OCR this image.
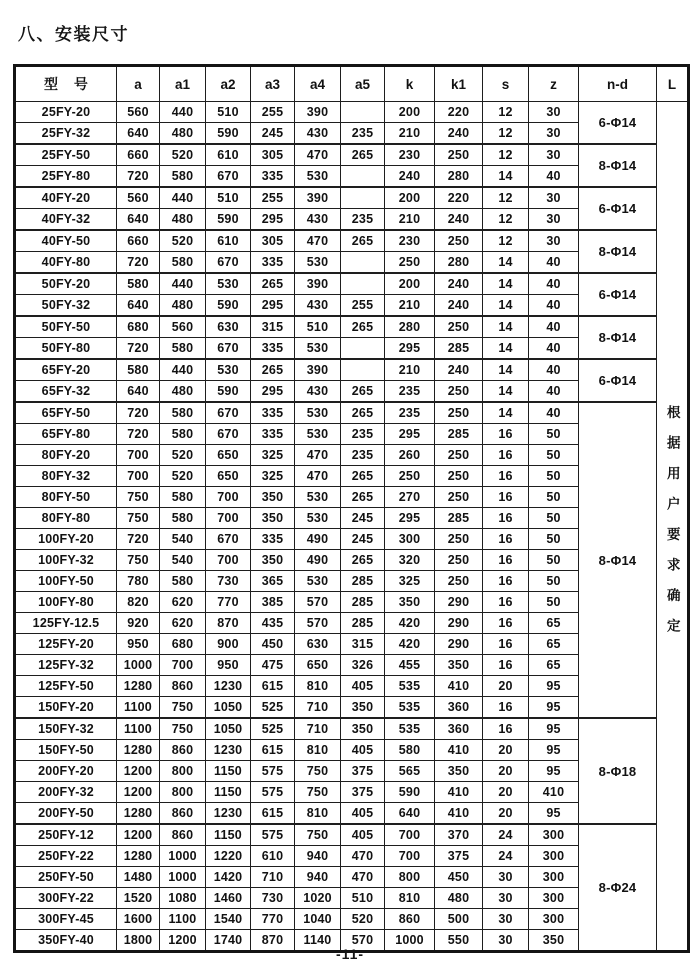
八、安装尺寸
型 号	a	a1	a2	a3	a4	a5	k	k1	s	z	n-d	L
25FY-20	560	440	510	255	390		200	220	12	30	6-Φ14	根据用户要求确定
25FY-32	640	480	590	245	430	235	210	240	12	30		
25FY-50	660	520	610	305	470	265	230	250	12	30	8-Φ14	
25FY-80	720	580	670	335	530		240	280	14	40		
40FY-20	560	440	510	255	390		200	220	12	30	6-Φ14	
40FY-32	640	480	590	295	430	235	210	240	12	30		
40FY-50	660	520	610	305	470	265	230	250	12	30	8-Φ14	
40FY-80	720	580	670	335	530		250	280	14	40		
50FY-20	580	440	530	265	390		200	240	14	40	6-Φ14	
50FY-32	640	480	590	295	430	255	210	240	14	40		
50FY-50	680	560	630	315	510	265	280	250	14	40	8-Φ14	
50FY-80	720	580	670	335	530		295	285	14	40		
65FY-20	580	440	530	265	390		210	240	14	40	6-Φ14	
65FY-32	640	480	590	295	430	265	235	250	14	40		
65FY-50	720	580	670	335	530	265	235	250	14	40	8-Φ14	
65FY-80	720	580	670	335	530	235	295	285	16	50		
80FY-20	700	520	650	325	470	235	260	250	16	50		
80FY-32	700	520	650	325	470	265	250	250	16	50		
80FY-50	750	580	700	350	530	265	270	250	16	50		
80FY-80	750	580	700	350	530	245	295	285	16	50		
100FY-20	720	540	670	335	490	245	300	250	16	50		
100FY-32	750	540	700	350	490	265	320	250	16	50		
100FY-50	780	580	730	365	530	285	325	250	16	50		
100FY-80	820	620	770	385	570	285	350	290	16	50		
125FY-12.5	920	620	870	435	570	285	420	290	16	65		
125FY-20	950	680	900	450	630	315	420	290	16	65		
125FY-32	1000	700	950	475	650	326	455	350	16	65		
125FY-50	1280	860	1230	615	810	405	535	410	20	95		
150FY-20	1100	750	1050	525	710	350	535	360	16	95		
150FY-32	1100	750	1050	525	710	350	535	360	16	95	8-Φ18	
150FY-50	1280	860	1230	615	810	405	580	410	20	95		
200FY-20	1200	800	1150	575	750	375	565	350	20	95		
200FY-32	1200	800	1150	575	750	375	590	410	20	410		
200FY-50	1280	860	1230	615	810	405	640	410	20	95		
250FY-12	1200	860	1150	575	750	405	700	370	24	300	8-Φ24	
250FY-22	1280	1000	1220	610	940	470	700	375	24	300		
250FY-50	1480	1000	1420	710	940	470	800	450	30	300		
300FY-22	1520	1080	1460	730	1020	510	810	480	30	300		
300FY-45	1600	1100	1540	770	1040	520	860	500	30	300		
350FY-40	1800	1200	1740	870	1140	570	1000	550	30	350		
-11-
